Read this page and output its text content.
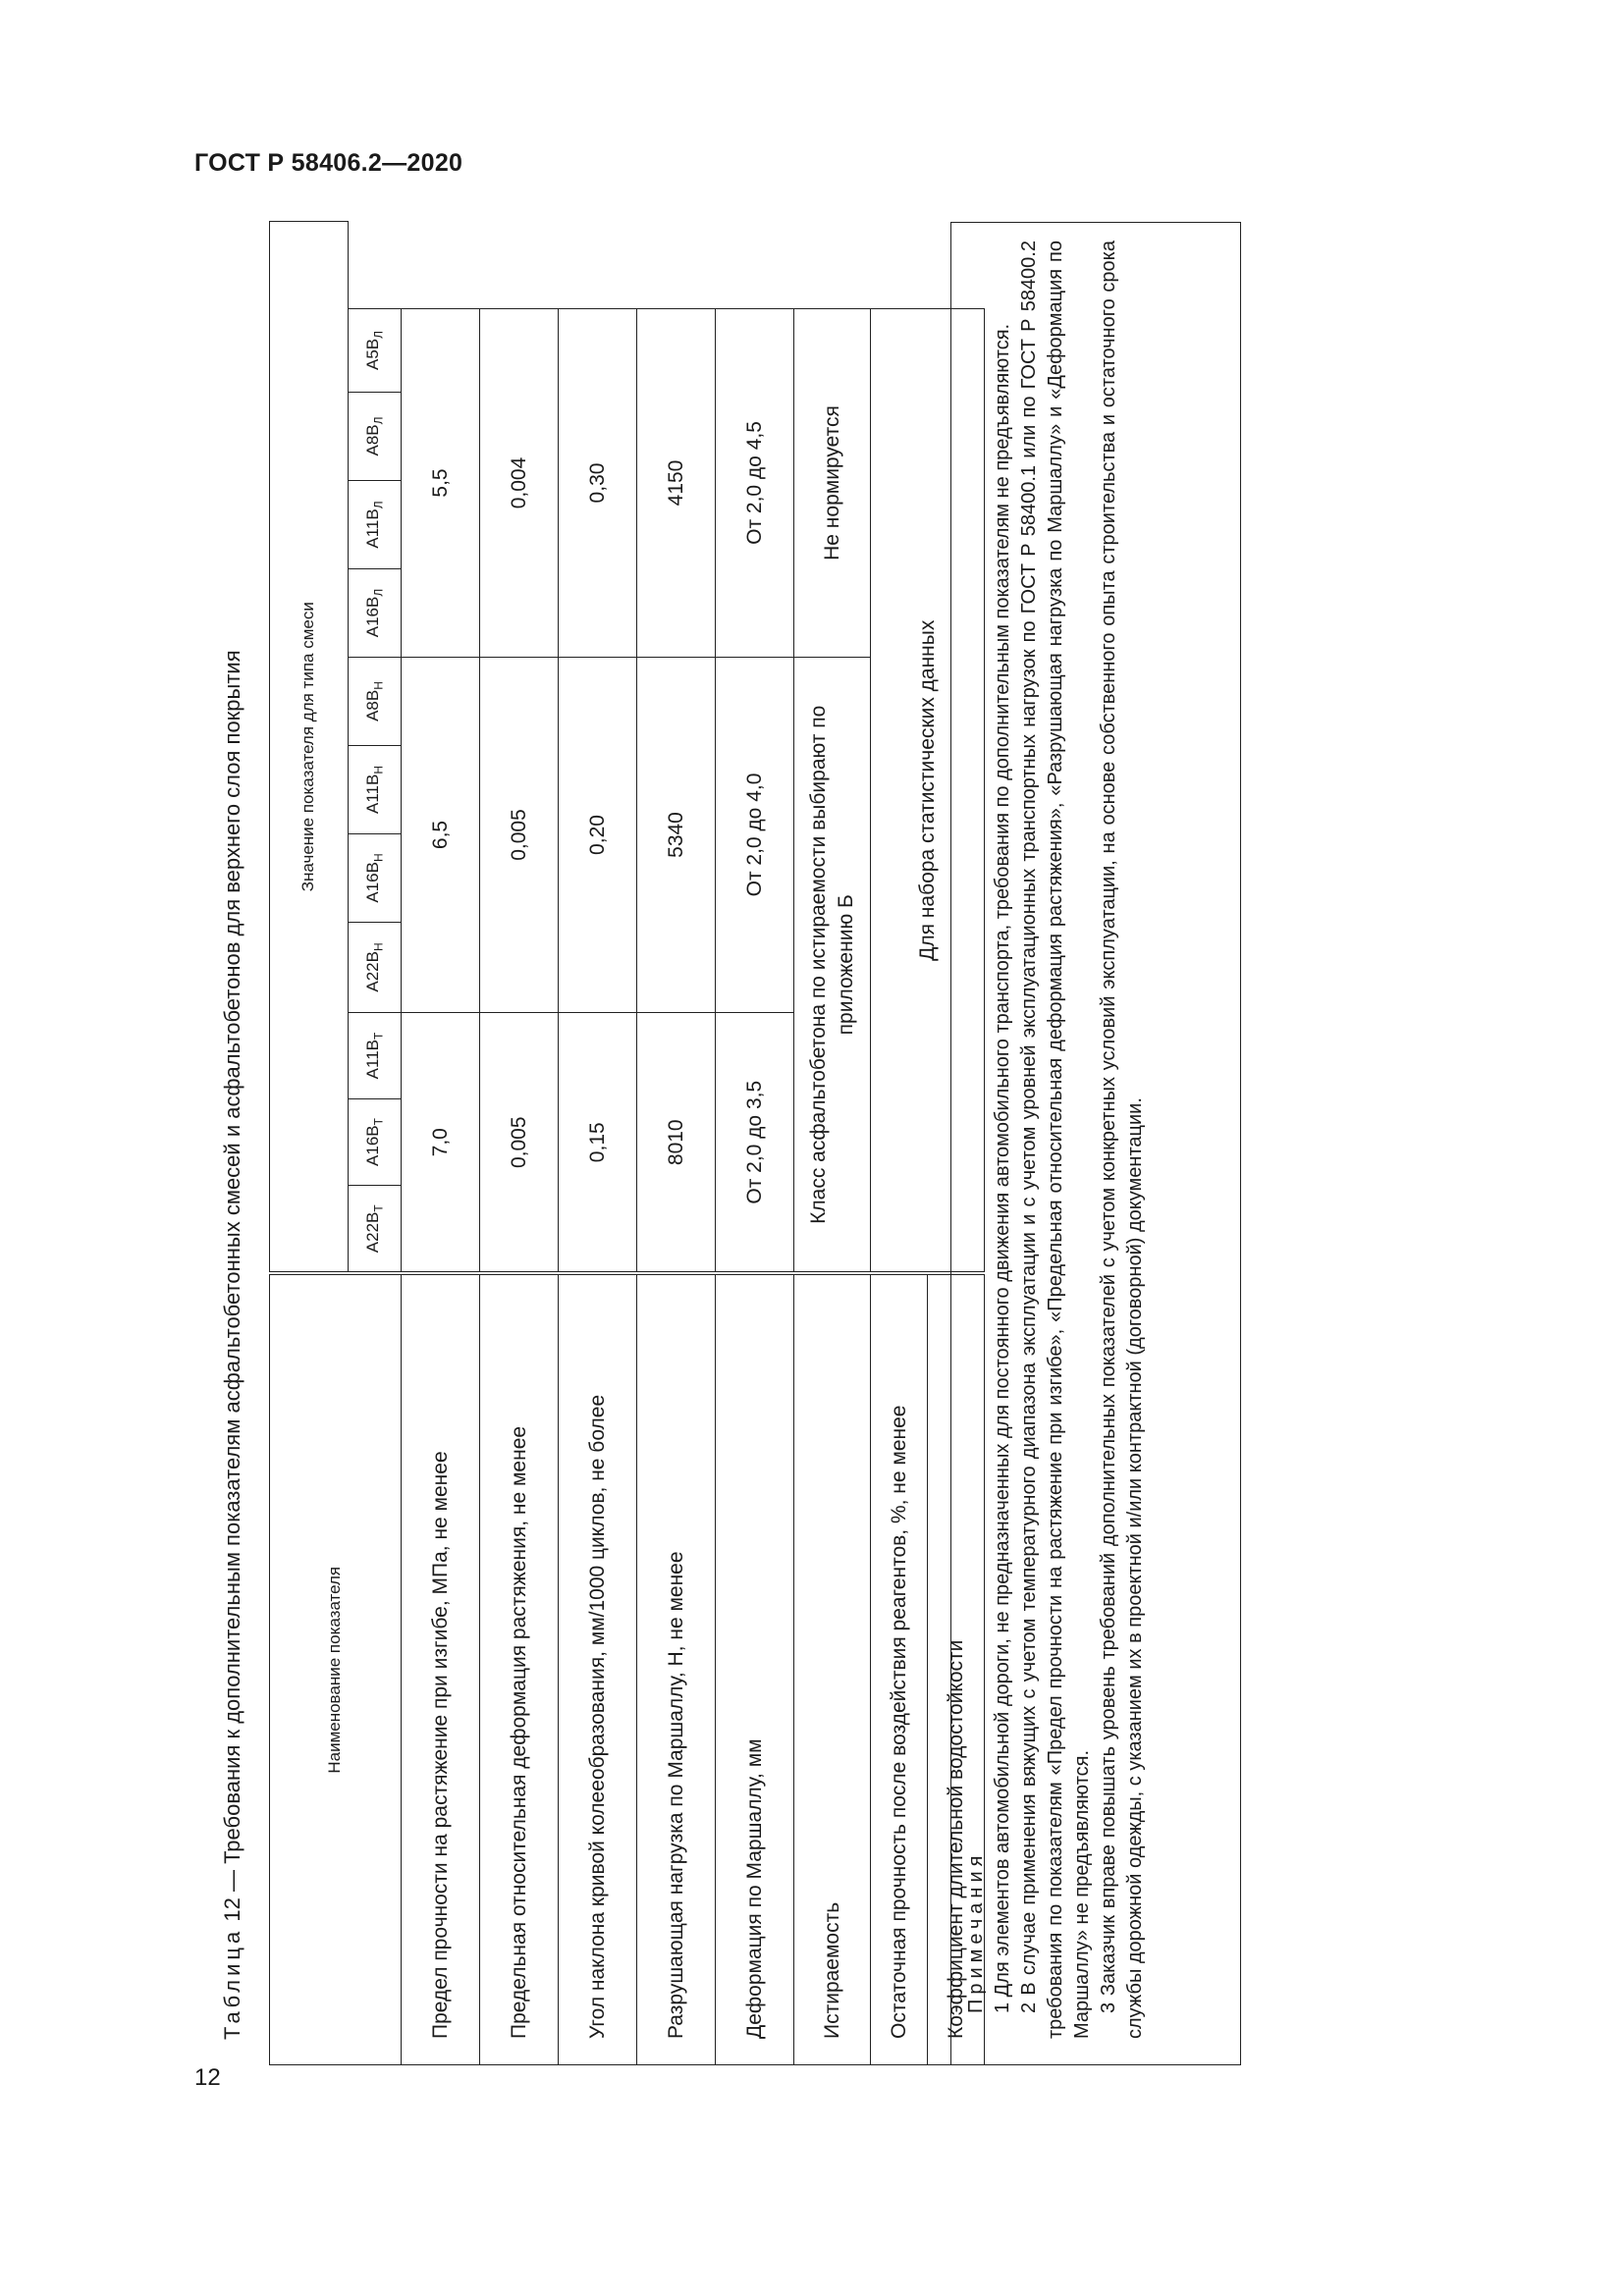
ГОСТ Р 58406.2—2020
12
Таблица 12 — Требования к дополнительным показателям асфальтобетонных смесей и асфальтобетонов для верхнего слоя покрытия	Наименование показателя	Значение показателя для типа смеси										
	$A22В_Т$	$A16В_Т$	$A11В_Т$	$A22В_Н$	$A16В_Н$	$A11В_Н$	$A8В_Н$	$A16В_Л$	$A11В_Л$	$A8В_Л$	$A5В_Л$
Предел прочности на растяжение при изгибе, МПа, не менее	7,0			6,5				5,5			
Предельная относительная деформация растяжения, не менее	0,005			0,005				0,004			
Угол наклона кривой колееобразования, мм/1000 циклов, не более	0,15			0,20				0,30			
Разрушающая нагрузка по Маршаллу, Н, не менее	8010			5340				4150			
Деформация по Маршаллу, мм	От 2,0 до 3,5			От 2,0 до 4,0				От 2,0 до 4,5			
Истираемость	Класс асфальтобетона по истираемости выбирают по приложению Б							Не нормируется			
Остаточная прочность после воздействия реагентов, %, не менее	Для набора статистических данных										
Коэффициент длительной водостойкости											

Примечания 1 Для элементов автомобильной дороги, не предназначенных для постоянного движения автомобильного транспорта, требования по дополнительным показателям не предъявляются. 2 В случае применения вяжущих с учетом температурного диапазона эксплуатации и с учетом уровней эксплуатационных транспортных нагрузок по ГОСТ Р 58400.1 или по ГОСТ Р 58400.2 требования по показателям «Предел прочности на растяжение при изгибе», «Предельная относительная деформация растяжения», «Разрушающая нагрузка по Маршаллу» и «Деформация по Маршаллу» не предъявляются. 3 Заказчик вправе повышать уровень требований дополнительных показателей с учетом конкретных условий эксплуатации, на основе собственного опыта строительства и остаточного срока службы дорожной одежды, с указанием их в проектной и/или контрактной (договорной) документации.
